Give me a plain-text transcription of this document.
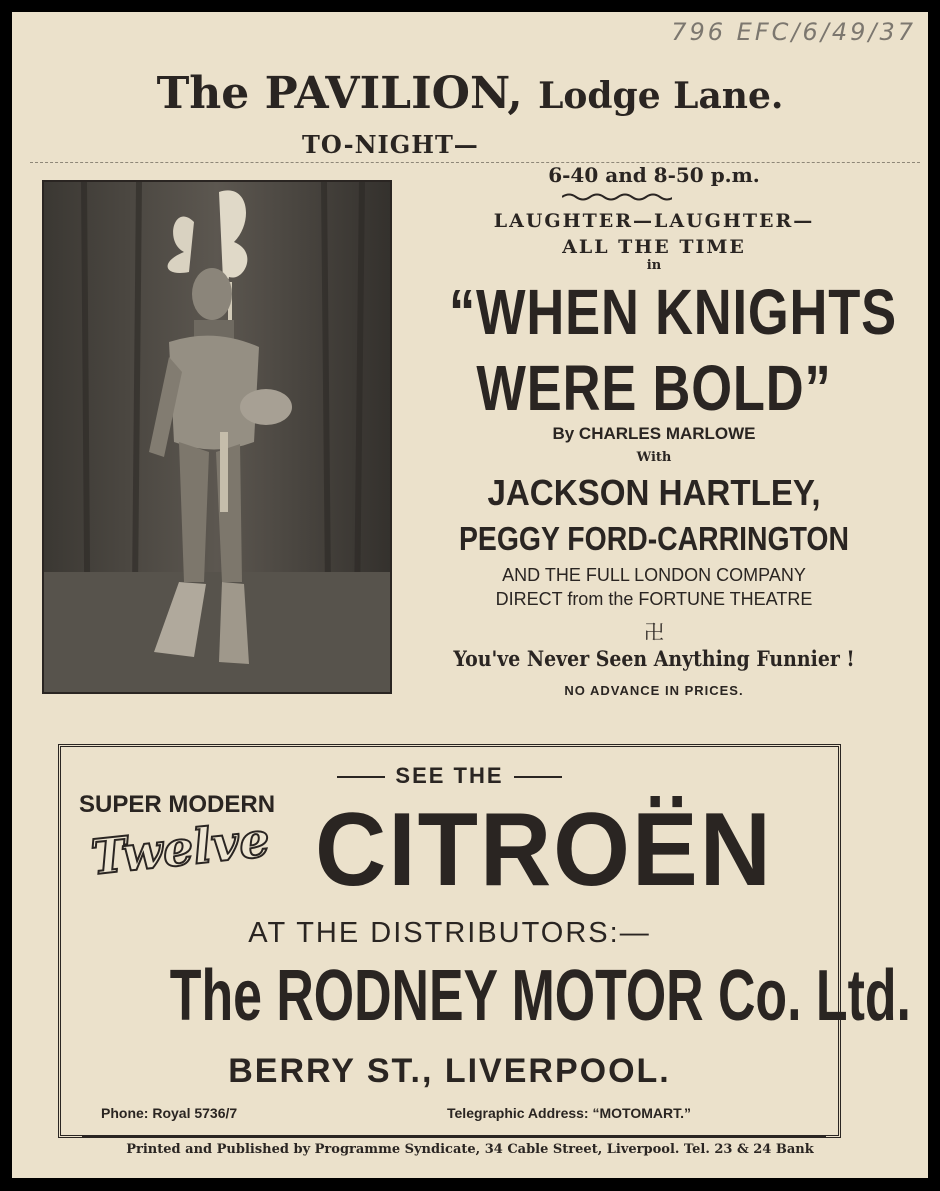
796 EFC/6/49/37
The PAVILION, Lodge Lane.
TO-NIGHT—
6-40 and 8-50 p.m.
LAUGHTER—LAUGHTER—
ALL THE TIME
in
“WHEN KNIGHTS
WERE BOLD”
By CHARLES MARLOWE
With
JACKSON HARTLEY,
PEGGY FORD-CARRINGTON
AND THE FULL LONDON COMPANY
DIRECT from the FORTUNE THEATRE
卍
You've Never Seen Anything Funnier !
NO ADVANCE IN PRICES.
SEE THE
SUPER MODERN
Twelve CITROËN
AT THE DISTRIBUTORS:—
The RODNEY MOTOR Co. Ltd.
BERRY ST., LIVERPOOL.
Phone: Royal 5736/7	Telegraphic Address: “MOTOMART.”
Printed and Published by Programme Syndicate, 34 Cable Street, Liverpool. Tel. 23 & 24 Bank
